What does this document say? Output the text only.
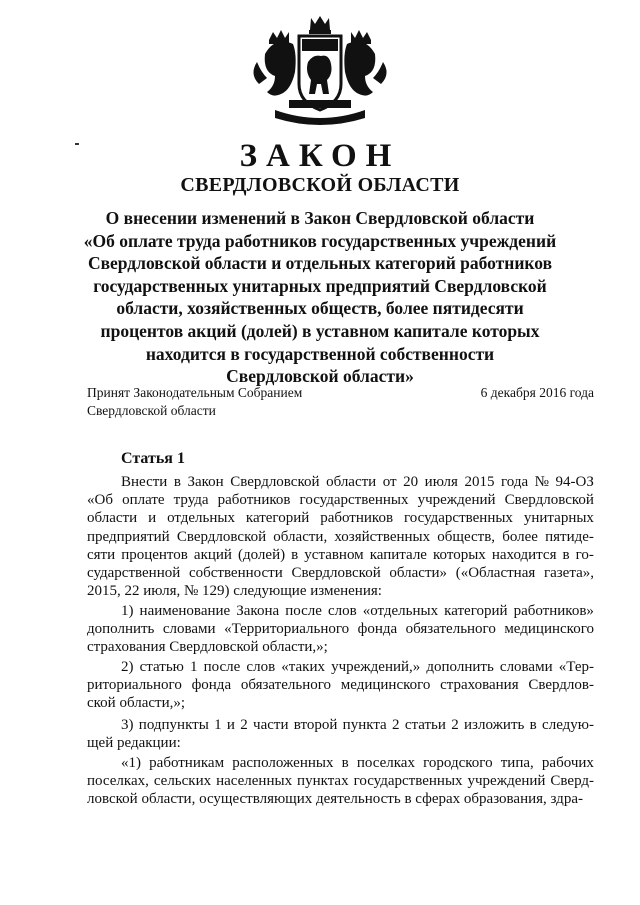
ЗАКОН
СВЕРДЛОВСКОЙ ОБЛАСТИ
О внесении изменений в Закон Свердловской области
«Об оплате труда работников государственных учреждений
Свердловской области и отдельных категорий работников
государственных унитарных предприятий Свердловской
области, хозяйственных обществ, более пятидесяти
процентов акций (долей) в уставном капитале которых
находится в государственной собственности
Свердловской области»
Принят Законодательным Собранием
Свердловской области
6 декабря 2016 года
Статья 1
Внести в Закон Свердловской области от 20 июля 2015 года № 94-ОЗ
«Об оплате труда работников государственных учреждений Свердловской
области и отдельных категорий работников государственных унитарных
предприятий Свердловской области, хозяйственных обществ, более пятиде-
сяти процентов акций (долей) в уставном капитале которых находится в го-
сударственной собственности Свердловской области» («Областная газета»,
2015, 22 июля, № 129) следующие изменения:
1) наименование Закона после слов «отдельных категорий работников»
дополнить словами «Территориального фонда обязательного медицинского
страхования Свердловской области,»;
2) статью 1 после слов «таких учреждений,» дополнить словами «Тер-
риториального фонда обязательного медицинского страхования Свердлов-
ской области,»;
3) подпункты 1 и 2 части второй пункта 2 статьи 2 изложить в следую-
щей редакции:
«1) работникам расположенных в поселках городского типа, рабочих
поселках, сельских населенных пунктах государственных учреждений Сверд-
ловской области, осуществляющих деятельность в сферах образования, здра-
